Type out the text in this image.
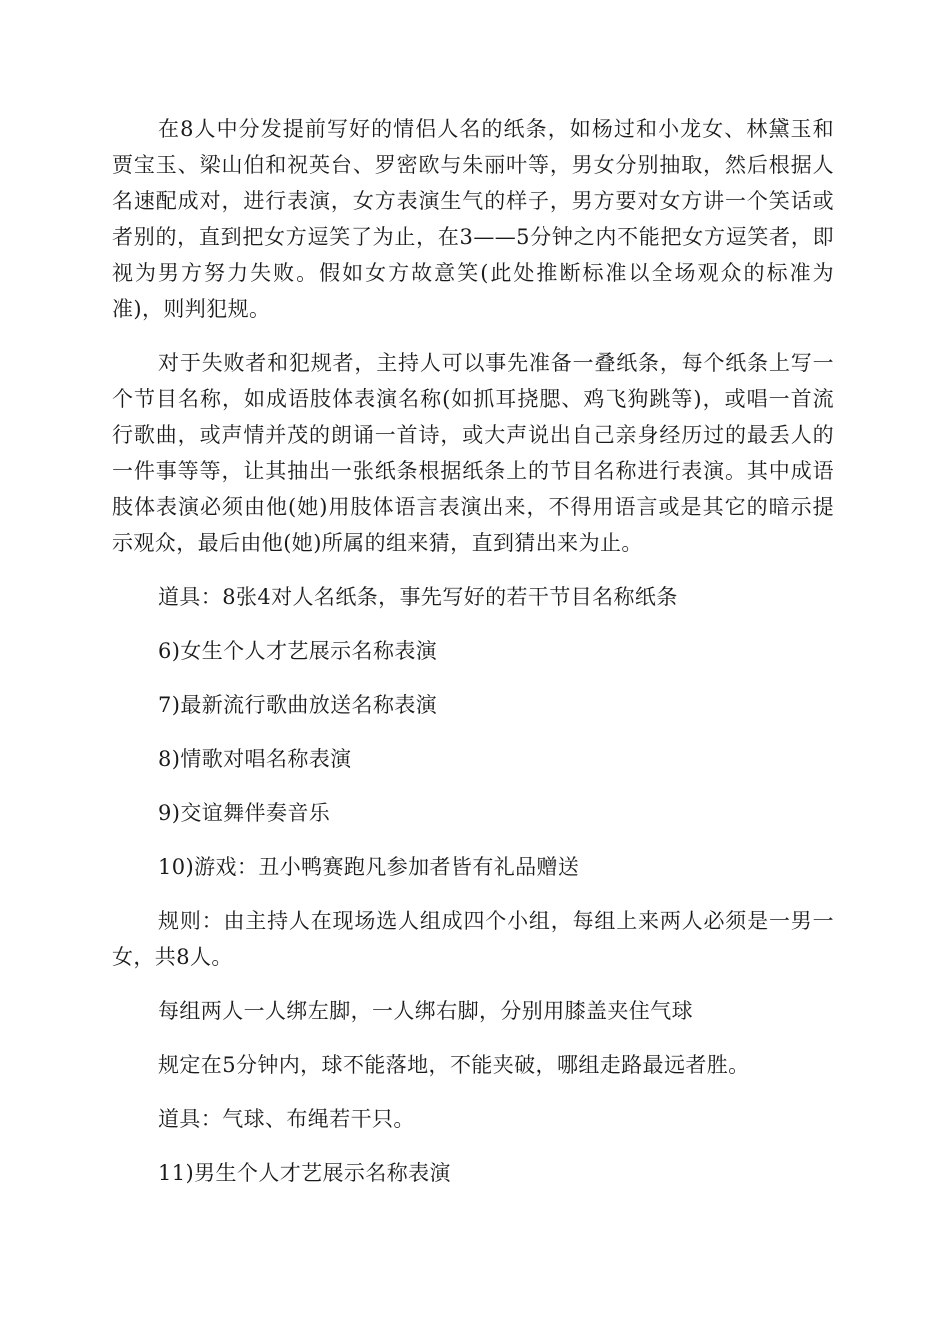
在8人中分发提前写好的情侣人名的纸条，如杨过和小龙女、林黛玉和贾宝玉、梁山伯和祝英台、罗密欧与朱丽叶等，男女分别抽取，然后根据人名速配成对，进行表演，女方表演生气的样子，男方要对女方讲一个笑话或者别的，直到把女方逗笑了为止，在3——5分钟之内不能把女方逗笑者，即视为男方努力失败。假如女方故意笑(此处推断标准以全场观众的标准为准)，则判犯规。

对于失败者和犯规者，主持人可以事先准备一叠纸条，每个纸条上写一个节目名称，如成语肢体表演名称(如抓耳挠腮、鸡飞狗跳等)，或唱一首流行歌曲，或声情并茂的朗诵一首诗，或大声说出自己亲身经历过的最丢人的一件事等等，让其抽出一张纸条根据纸条上的节目名称进行表演。其中成语肢体表演必须由他(她)用肢体语言表演出来，不得用语言或是其它的暗示提示观众，最后由他(她)所属的组来猜，直到猜出来为止。

道具：8张4对人名纸条，事先写好的若干节目名称纸条

6)女生个人才艺展示名称表演

7)最新流行歌曲放送名称表演

8)情歌对唱名称表演

9)交谊舞伴奏音乐

10)游戏：丑小鸭赛跑凡参加者皆有礼品赠送

规则：由主持人在现场选人组成四个小组，每组上来两人必须是一男一女，共8人。

每组两人一人绑左脚，一人绑右脚，分别用膝盖夹住气球

规定在5分钟内，球不能落地，不能夹破，哪组走路最远者胜。

道具：气球、布绳若干只。

11)男生个人才艺展示名称表演
